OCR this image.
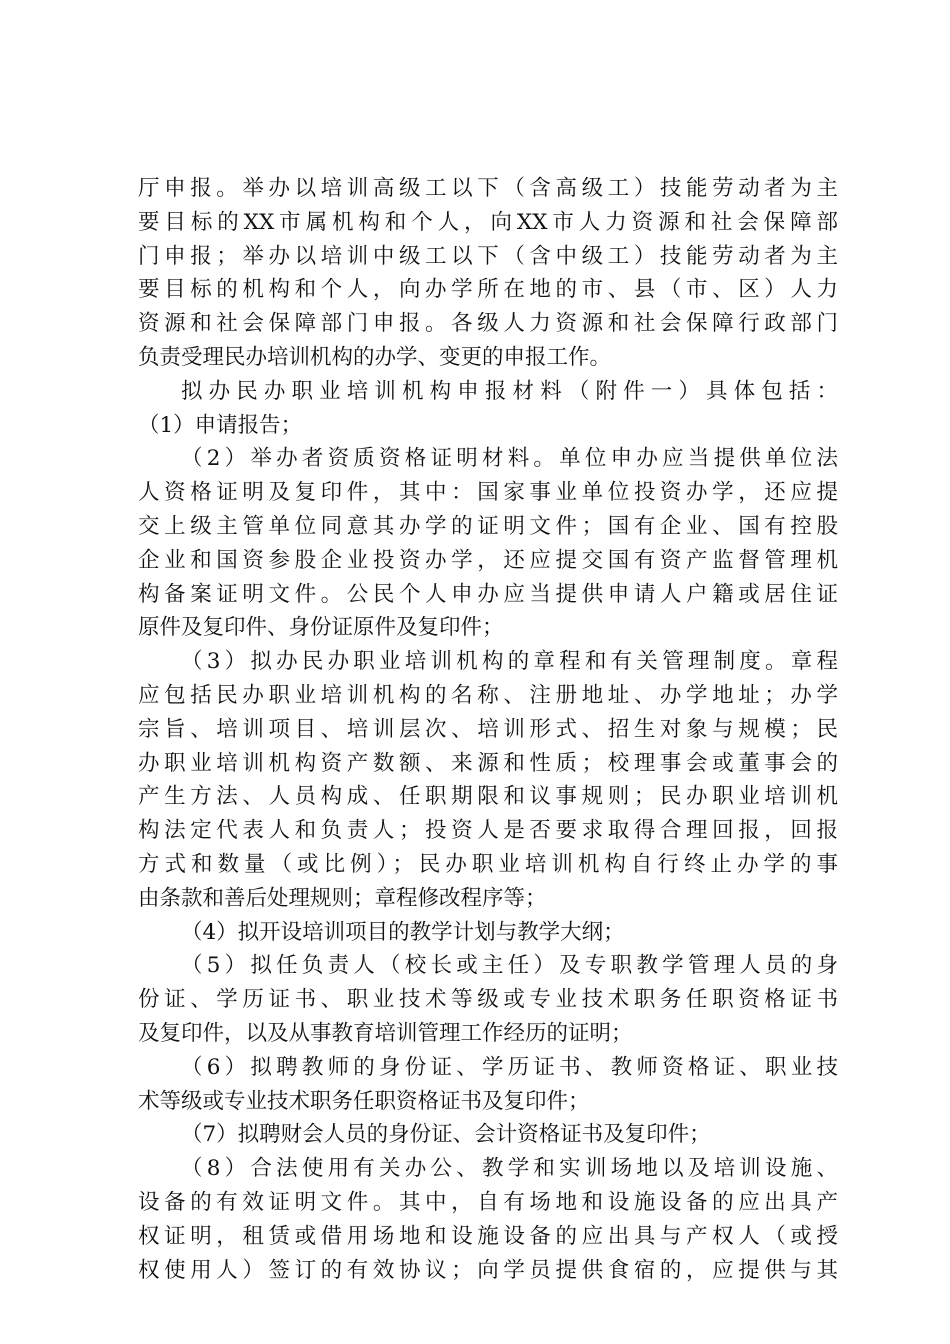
厅申报。举办以培训高级工以下（含高级工）技能劳动者为主
要目标的XX市属机构和个人，向XX市人力资源和社会保障部
门申报；举办以培训中级工以下（含中级工）技能劳动者为主
要目标的机构和个人，向办学所在地的市、县（市、区）人力
资源和社会保障部门申报。各级人力资源和社会保障行政部门
负责受理民办培训机构的办学、变更的申报工作。
拟办民办职业培训机构申报材料（附件一）具体包括：
（1）申请报告；
（2）举办者资质资格证明材料。单位申办应当提供单位法
人资格证明及复印件，其中：国家事业单位投资办学，还应提
交上级主管单位同意其办学的证明文件；国有企业、国有控股
企业和国资参股企业投资办学，还应提交国有资产监督管理机
构备案证明文件。公民个人申办应当提供申请人户籍或居住证
原件及复印件、身份证原件及复印件；
（3）拟办民办职业培训机构的章程和有关管理制度。章程
应包括民办职业培训机构的名称、注册地址、办学地址；办学
宗旨、培训项目、培训层次、培训形式、招生对象与规模；民
办职业培训机构资产数额、来源和性质；校理事会或董事会的
产生方法、人员构成、任职期限和议事规则；民办职业培训机
构法定代表人和负责人；投资人是否要求取得合理回报，回报
方式和数量（或比例）；民办职业培训机构自行终止办学的事
由条款和善后处理规则；章程修改程序等；
（4）拟开设培训项目的教学计划与教学大纲；
（5）拟任负责人（校长或主任）及专职教学管理人员的身
份证、学历证书、职业技术等级或专业技术职务任职资格证书
及复印件，以及从事教育培训管理工作经历的证明；
（6）拟聘教师的身份证、学历证书、教师资格证、职业技
术等级或专业技术职务任职资格证书及复印件；
（7）拟聘财会人员的身份证、会计资格证书及复印件；
（8）合法使用有关办公、教学和实训场地以及培训设施、
设备的有效证明文件。其中，自有场地和设施设备的应出具产
权证明，租赁或借用场地和设施设备的应出具与产权人（或授
权使用人）签订的有效协议；向学员提供食宿的，应提供与其
